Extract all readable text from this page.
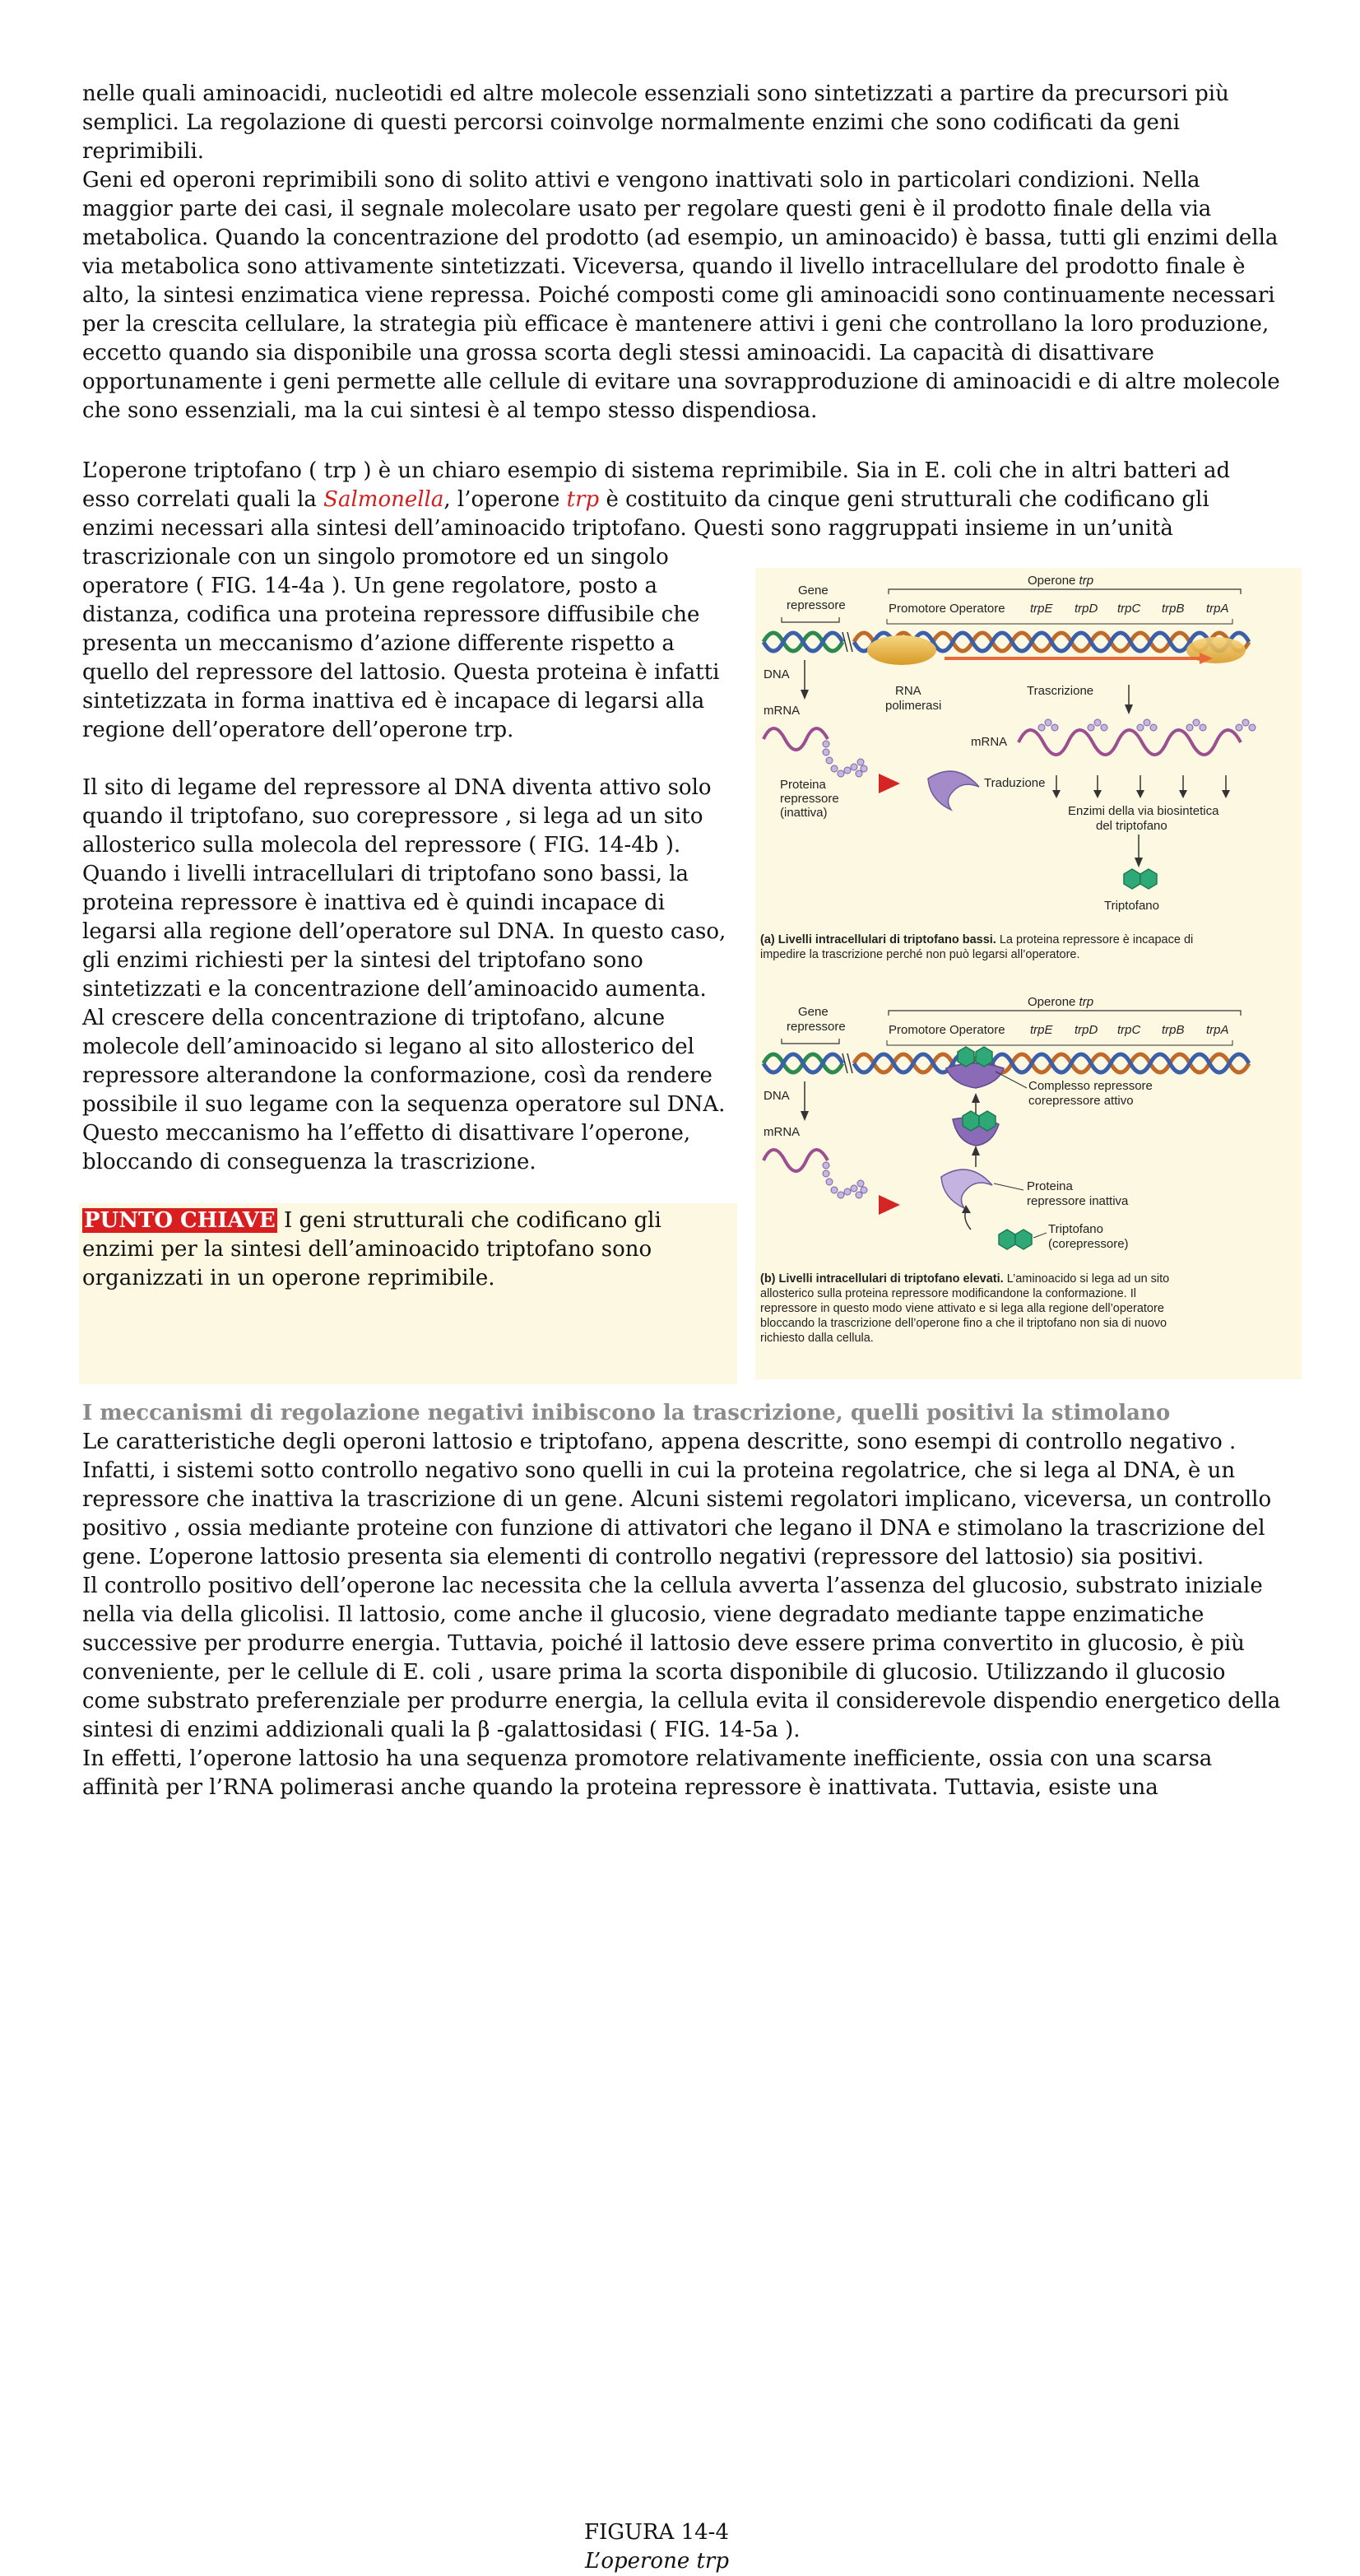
nelle quali aminoacidi, nucleotidi ed altre molecole essenziali sono sintetizzati a partire da precursori più semplici. La regolazione di questi percorsi coinvolge normalmente enzimi che sono codificati da geni reprimibili.
Geni ed operoni reprimibili sono di solito attivi e vengono inattivati solo in particolari condizioni. Nella maggior parte dei casi, il segnale molecolare usato per regolare questi geni è il prodotto finale della via metabolica. Quando la concentrazione del prodotto (ad esempio, un aminoacido) è bassa, tutti gli enzimi della via metabolica sono attivamente sintetizzati. Viceversa, quando il livello intracellulare del prodotto finale è alto, la sintesi enzimatica viene repressa. Poiché composti come gli aminoacidi sono continuamente necessari per la crescita cellulare, la strategia più efficace è mantenere attivi i geni che controllano la loro produzione, eccetto quando sia disponibile una grossa scorta degli stessi aminoacidi. La capacità di disattivare opportunamente i geni permette alle cellule di evitare una sovrapproduzione di aminoacidi e di altre molecole che sono essenziali, ma la cui sintesi è al tempo stesso dispendiosa.

L’operone triptofano ( trp ) è un chiaro esempio di sistema reprimibile. Sia in E. coli che in altri batteri ad esso correlati quali la Salmonella, l’operone trp è costituito da cinque geni strutturali che codificano gli enzimi necessari alla sintesi dell’aminoacido triptofano. Questi sono raggruppati insieme in un’unità

trascrizionale con un singolo promotore ed un singolo operatore ( FIG. 14-4a ). Un gene regolatore, posto a distanza, codifica una proteina repressore diffusibile che presenta un meccanismo d’azione differente rispetto a quello del repressore del lattosio. Questa proteina è infatti sintetizzata in forma inattiva ed è incapace di legarsi alla regione dell’operatore dell’operone trp.

Il sito di legame del repressore al DNA diventa attivo solo quando il triptofano, suo corepressore , si lega ad un sito allosterico sulla molecola del repressore ( FIG. 14-4b ). Quando i livelli intracellulari di triptofano sono bassi, la proteina repressore è inattiva ed è quindi incapace di legarsi alla regione dell’operatore sul DNA. In questo caso, gli enzimi richiesti per la sintesi del triptofano sono sintetizzati e la concentrazione dell’aminoacido aumenta. Al crescere della concentrazione di triptofano, alcune molecole dell’aminoacido si legano al sito allosterico del repressore alterandone la conformazione, così da rendere possibile il suo legame con la sequenza operatore sul DNA. Questo meccanismo ha l’effetto di disattivare l’operone, bloccando di conseguenza la trascrizione.

PUNTO CHIAVE I geni strutturali che codificano gli enzimi per la sintesi dell’aminoacido triptofano sono organizzati in un operone reprimibile.

FIGURA 14-4
L’operone trp
I meccanismi di regolazione negativi inibiscono la trascrizione, quelli positivi la stimolano

Le caratteristiche degli operoni lattosio e triptofano, appena descritte, sono esempi di controllo negativo . Infatti, i sistemi sotto controllo negativo sono quelli in cui la proteina regolatrice, che si lega al DNA, è un repressore che inattiva la trascrizione di un gene. Alcuni sistemi regolatori implicano, viceversa, un controllo positivo , ossia mediante proteine con funzione di attivatori che legano il DNA e stimolano la trascrizione del gene. L’operone lattosio presenta sia elementi di controllo negativi (repressore del lattosio) sia positivi.

Il controllo positivo dell’operone lac necessita che la cellula avverta l’assenza del glucosio, substrato iniziale nella via della glicolisi. Il lattosio, come anche il glucosio, viene degradato mediante tappe enzimatiche successive per produrre energia. Tuttavia, poiché il lattosio deve essere prima convertito in glucosio, è più conveniente, per le cellule di E. coli , usare prima la scorta disponibile di glucosio. Utilizzando il glucosio come substrato preferenziale per produrre energia, la cellula evita il considerevole dispendio energetico della sintesi di enzimi addizionali quali la β -galattosidasi ( FIG. 14-5a ).

In effetti, l’operone lattosio ha una sequenza promotore relativamente inefficiente, ossia con una scarsa affinità per l’RNA polimerasi anche quando la proteina repressore è inattivata. Tuttavia, esiste una

Operone trp
Gene
repressore	Promotore Operatore trpE trpD trpC trpB trpA
DNA
RNA
polimerasi
Trascrizione
mRNA
Proteina
repressore
(inattiva)
mRNA
Traduzione
Enzimi della via biosintetica
del triptofano
Triptofano
(a) Livelli intracellulari di triptofano bassi. La proteina repressore è incapace di
impedire la trascrizione perché non può legarsi all’operatore.
Operone trp
Gene
repressore	Promotore Operatore trpE trpD trpC trpB trpA
Complesso repressore
corepressore attivo
DNA
mRNA
Proteina
repressore inattiva
Triptofano
(corepressore)
(b) Livelli intracellulari di triptofano elevati. L’aminoacido si lega ad un sito
allosterico sulla proteina repressore modificandone la conformazione. Il
repressore in questo modo viene attivato e si lega alla regione dell’operatore
bloccando la trascrizione dell’operone fino a che il triptofano non sia di nuovo
richiesto dalla cellula.
